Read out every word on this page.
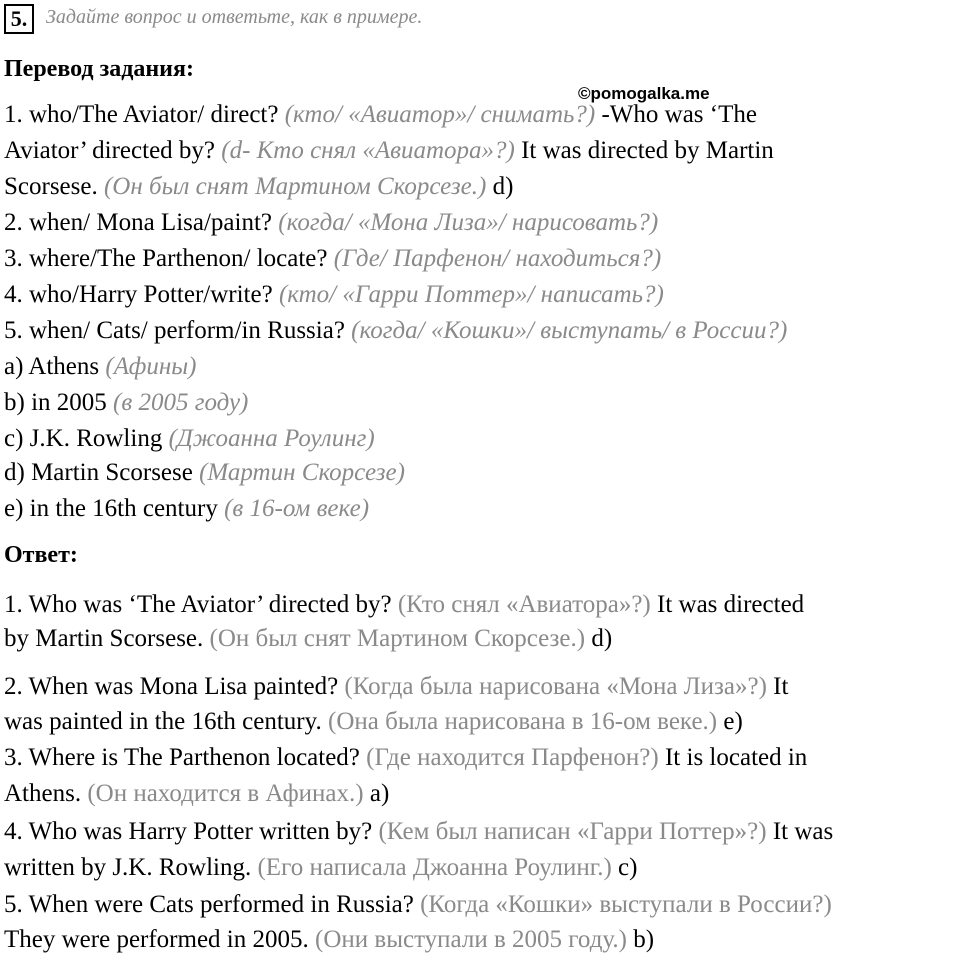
5. Задайте вопрос и ответьте, как в примере.
Перевод задания:
©pomogalka.me
1. who/The Aviator/ direct? (кто/ «Авиатор»/ снимать?) -Who was ‘The
Aviator’ directed by? (d- Кто снял «Авиатора»?) It was directed by Martin
Scorsese. (Он был снят Мартином Скорсезе.) d)
2. when/ Mona Lisa/paint? (когда/ «Мона Лиза»/ нарисовать?)
3. where/The Parthenon/ locate? (Где/ Парфенон/ находиться?)
4. who/Harry Potter/write? (кто/ «Гарри Поттер»/ написать?)
5. when/ Cats/ perform/in Russia? (когда/ «Кошки»/ выступать/ в России?)
a) Athens (Афины)
b) in 2005 (в 2005 году)
c) J.K. Rowling (Джоанна Роулинг)
d) Martin Scorsese (Мартин Скорсезе)
e) in the 16th century (в 16-ом веке)
Ответ:
1. Who was ‘The Aviator’ directed by? (Кто снял «Авиатора»?) It was directed
by Martin Scorsese. (Он был снят Мартином Скорсезе.) d)
2. When was Mona Lisa painted? (Когда была нарисована «Мона Лиза»?) It
was painted in the 16th century. (Она была нарисована в 16-ом веке.) e)
3. Where is The Parthenon located? (Где находится Парфенон?) It is located in
Athens. (Он находится в Афинах.) a)
4. Who was Harry Potter written by? (Кем был написан «Гарри Поттер»?) It was
written by J.K. Rowling. (Его написала Джоанна Роулинг.) c)
5. When were Cats performed in Russia? (Когда «Кошки» выступали в России?)
They were performed in 2005. (Они выступали в 2005 году.) b)
